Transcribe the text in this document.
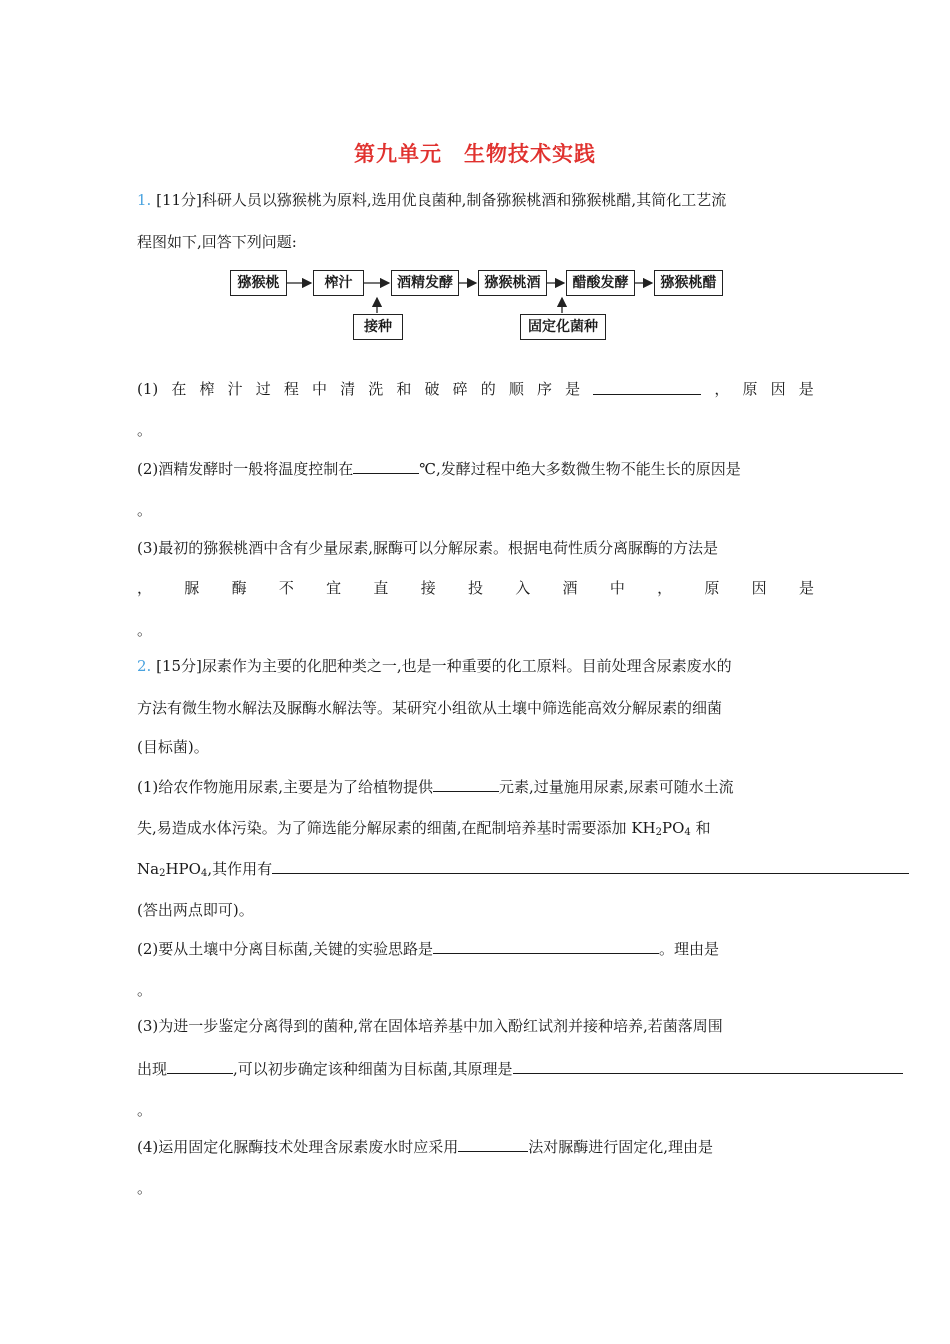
第九单元　生物技术实践
1. [11分]科研人员以猕猴桃为原料,选用优良菌种,制备猕猴桃酒和猕猴桃醋,其简化工艺流
程图如下,回答下列问题:
猕猴桃	榨汁	酒精发酵	猕猴桃酒	醋酸发酵	猕猴桃醋
接种	固定化菌种
(1) 在 榨 汁 过 程 中 清 洗 和 破 碎 的 顺 序 是	， 原 因 是
。
(2)酒精发酵时一般将温度控制在	℃,发酵过程中绝大多数微生物不能生长的原因是
。
(3)最初的猕猴桃酒中含有少量尿素,脲酶可以分解尿素。根据电荷性质分离脲酶的方法是
， 脲 酶 不 宜 直 接 投 入 酒 中 ， 原 因 是
。
2. [15分]尿素作为主要的化肥种类之一,也是一种重要的化工原料。目前处理含尿素废水的
方法有微生物水解法及脲酶水解法等。某研究小组欲从土壤中筛选能高效分解尿素的细菌
(目标菌)。
(1)给农作物施用尿素,主要是为了给植物提供	元素,过量施用尿素,尿素可随水土流
失,易造成水体污染。为了筛选能分解尿素的细菌,在配制培养基时需要添加 $KH_2PO_4$ 和
$Na_2HPO_4$,其作用有
(答出两点即可)。
(2)要从土壤中分离目标菌,关键的实验思路是	。理由是
。
(3)为进一步鉴定分离得到的菌种,常在固体培养基中加入酚红试剂并接种培养,若菌落周围
出现	,可以初步确定该种细菌为目标菌,其原理是
。
(4)运用固定化脲酶技术处理含尿素废水时应采用	法对脲酶进行固定化,理由是
。
